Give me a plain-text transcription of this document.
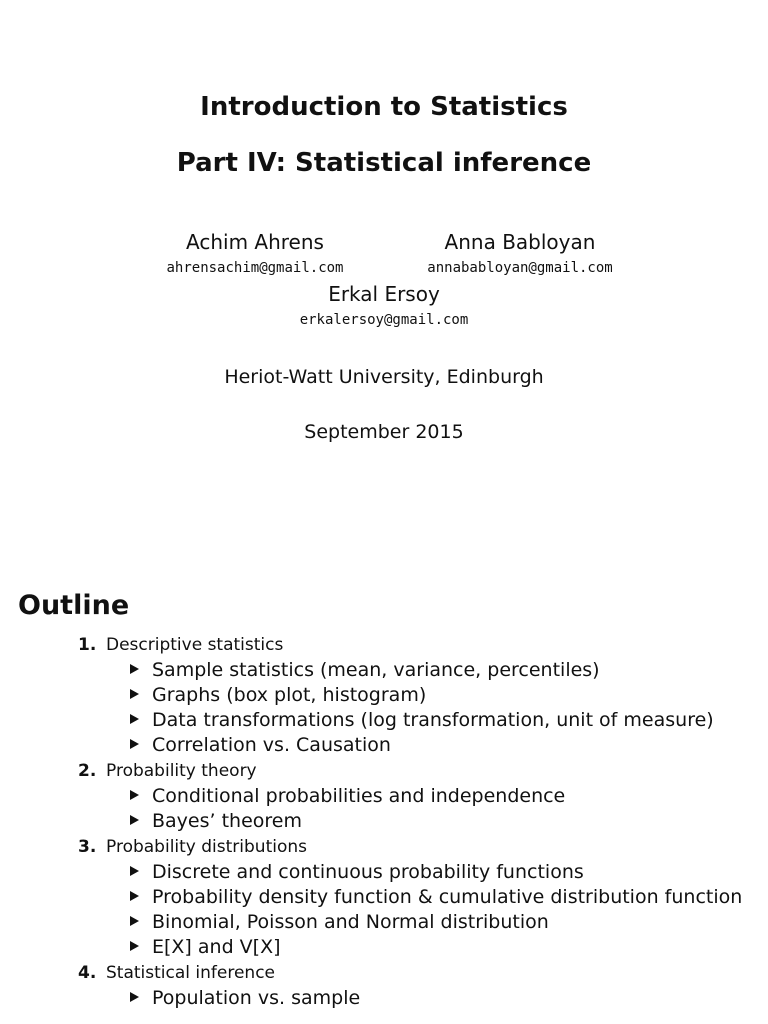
Introduction to Statistics
Part IV: Statistical inference
Achim Ahrens
ahrensachim@gmail.com
Anna Babloyan
annababloyan@gmail.com
Erkal Ersoy
erkalersoy@gmail.com
Heriot-Watt University, Edinburgh
September 2015
Outline
1. Descriptive statistics
Sample statistics (mean, variance, percentiles)
Graphs (box plot, histogram)
Data transformations (log transformation, unit of measure)
Correlation vs. Causation
2. Probability theory
Conditional probabilities and independence
Bayes’ theorem
3. Probability distributions
Discrete and continuous probability functions
Probability density function & cumulative distribution function
Binomial, Poisson and Normal distribution
E[X] and V[X]
4. Statistical inference
Population vs. sample
